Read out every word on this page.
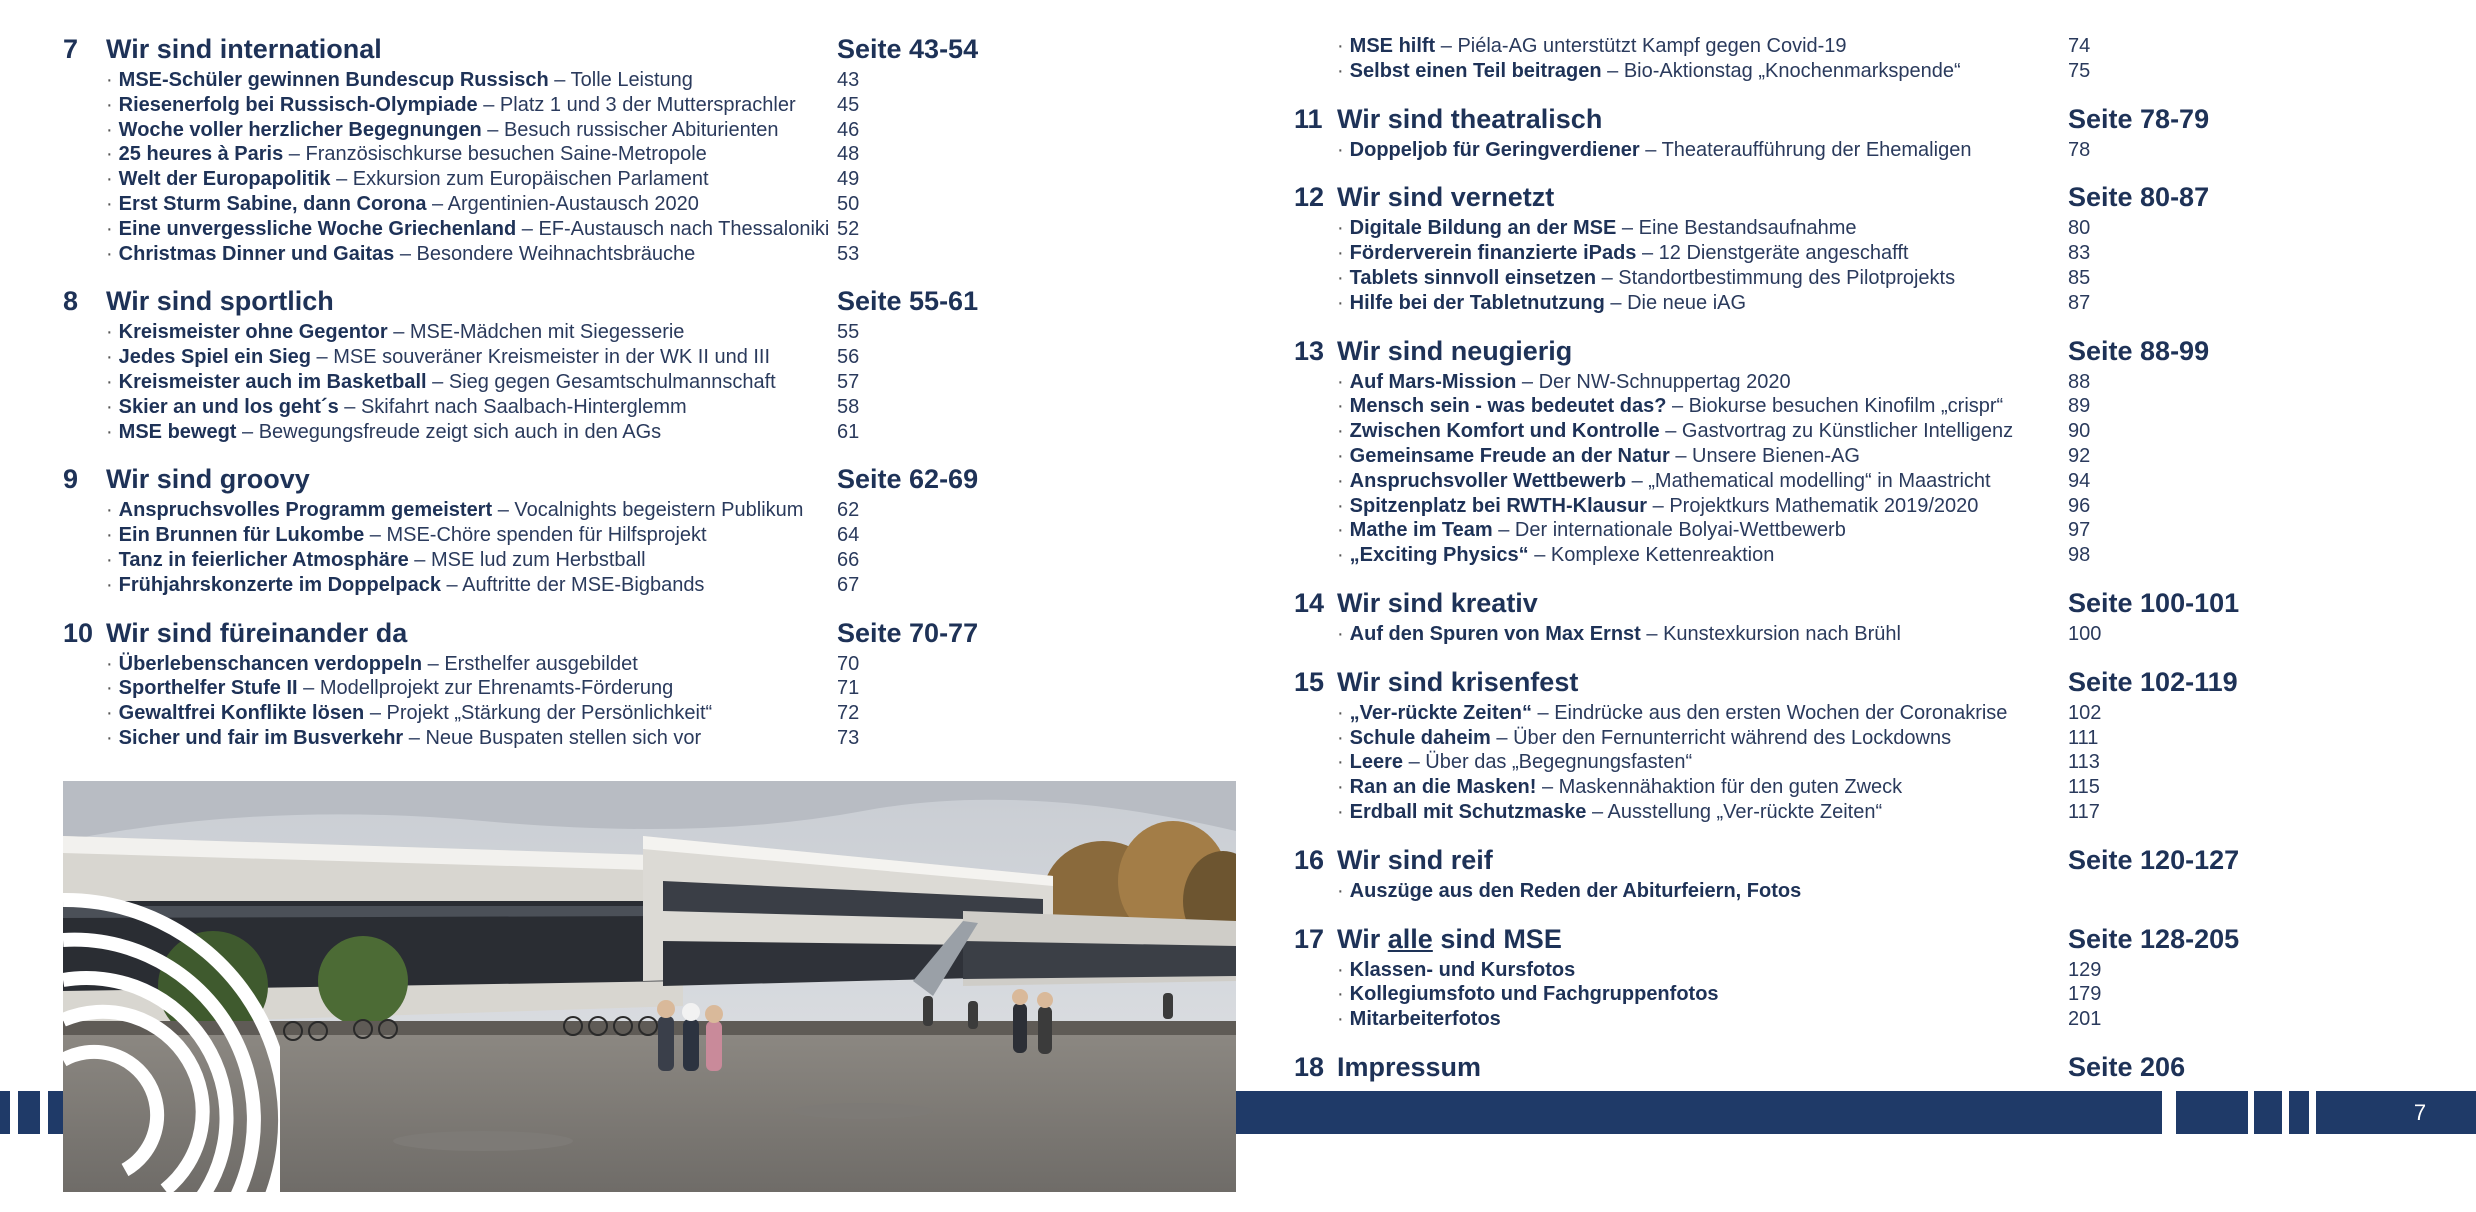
7	Wir sind international	Seite 43-54
· MSE-Schüler gewinnen Bundescup Russisch – Tolle Leistung	43
· Riesenerfolg bei Russisch-Olympiade – Platz 1 und 3 der Muttersprachler 45
· Woche voller herzlicher Begegnungen – Besuch russischer Abiturienten	46
· 25 heures à Paris – Französischkurse besuchen Saine-Metropole	48
· Welt der Europapolitik – Exkursion zum Europäischen Parlament	49
· Erst Sturm Sabine, dann Corona – Argentinien-Austausch 2020	50
· Eine unvergessliche Woche Griechenland – EF-Austausch nach Thessaloniki 52
· Christmas Dinner und Gaitas – Besondere Weihnachtsbräuche	53
8	Wir sind sportlich	Seite 55-61
· Kreismeister ohne Gegentor – MSE-Mädchen mit Siegesserie	55
· Jedes Spiel ein Sieg – MSE souveräner Kreismeister in der WK II und III	56
· Kreismeister auch im Basketball – Sieg gegen Gesamtschulmannschaft	57
· Skier an und los geht´s – Skifahrt nach Saalbach-Hinterglemm	58
· MSE bewegt – Bewegungsfreude zeigt sich auch in den AGs	61
9	Wir sind groovy	Seite 62-69
· Anspruchsvolles Programm gemeistert – Vocalnights begeistern Publikum 62
· Ein Brunnen für Lukombe – MSE-Chöre spenden für Hilfsprojekt	64
· Tanz in feierlicher Atmosphäre – MSE lud zum Herbstball	66
· Frühjahrskonzerte im Doppelpack – Auftritte der MSE-Bigbands	67
10 Wir sind füreinander da	Seite 70-77
· Überlebenschancen verdoppeln – Ersthelfer ausgebildet	70
· Sporthelfer Stufe II – Modellprojekt zur Ehrenamts-Förderung	71
· Gewaltfrei Konflikte lösen – Projekt „Stärkung der Persönlichkeit“	72
· Sicher und fair im Busverkehr – Neue Buspaten stellen sich vor	73
· MSE hilft – Piéla-AG unterstützt Kampf gegen Covid-19	74
· Selbst einen Teil beitragen – Bio-Aktionstag „Knochenmarkspende“	75
11 Wir sind theatralisch	Seite 78-79
· Doppeljob für Geringverdiener – Theateraufführung der Ehemaligen	78
12 Wir sind vernetzt	Seite 80-87
· Digitale Bildung an der MSE – Eine Bestandsaufnahme	80
· Förderverein finanzierte iPads – 12 Dienstgeräte angeschafft	83
· Tablets sinnvoll einsetzen – Standortbestimmung des Pilotprojekts	85
· Hilfe bei der Tabletnutzung – Die neue iAG	87
13 Wir sind neugierig	Seite 88-99
· Auf Mars-Mission – Der NW-Schnuppertag 2020	88
· Mensch sein - was bedeutet das? – Biokurse besuchen Kinofilm „crispr“	89
· Zwischen Komfort und Kontrolle – Gastvortrag zu Künstlicher Intelligenz	90
· Gemeinsame Freude an der Natur – Unsere Bienen-AG	92
· Anspruchsvoller Wettbewerb – „Mathematical modelling“ in Maastricht	94
· Spitzenplatz bei RWTH-Klausur – Projektkurs Mathematik 2019/2020	96
· Mathe im Team – Der internationale Bolyai-Wettbewerb	97
· „Exciting Physics“ – Komplexe Kettenreaktion	98
14 Wir sind kreativ	Seite 100-101
· Auf den Spuren von Max Ernst – Kunstexkursion nach Brühl	100
15 Wir sind krisenfest	Seite 102-119
· „Ver-rückte Zeiten“ – Eindrücke aus den ersten Wochen der Coronakrise	102
· Schule daheim – Über den Fernunterricht während des Lockdowns	111
· Leere – Über das „Begegnungsfasten“	113
· Ran an die Masken! – Maskennähaktion für den guten Zweck	115
· Erdball mit Schutzmaske – Ausstellung „Ver-rückte Zeiten“	117
16 Wir sind reif	Seite 120-127
· Auszüge aus den Reden der Abiturfeiern, Fotos
17 Wir alle sind MSE	Seite 128-205
· Klassen- und Kursfotos	129
· Kollegiumsfoto und Fachgruppenfotos	179
· Mitarbeiterfotos	201
18 Impressum	Seite 206
7
